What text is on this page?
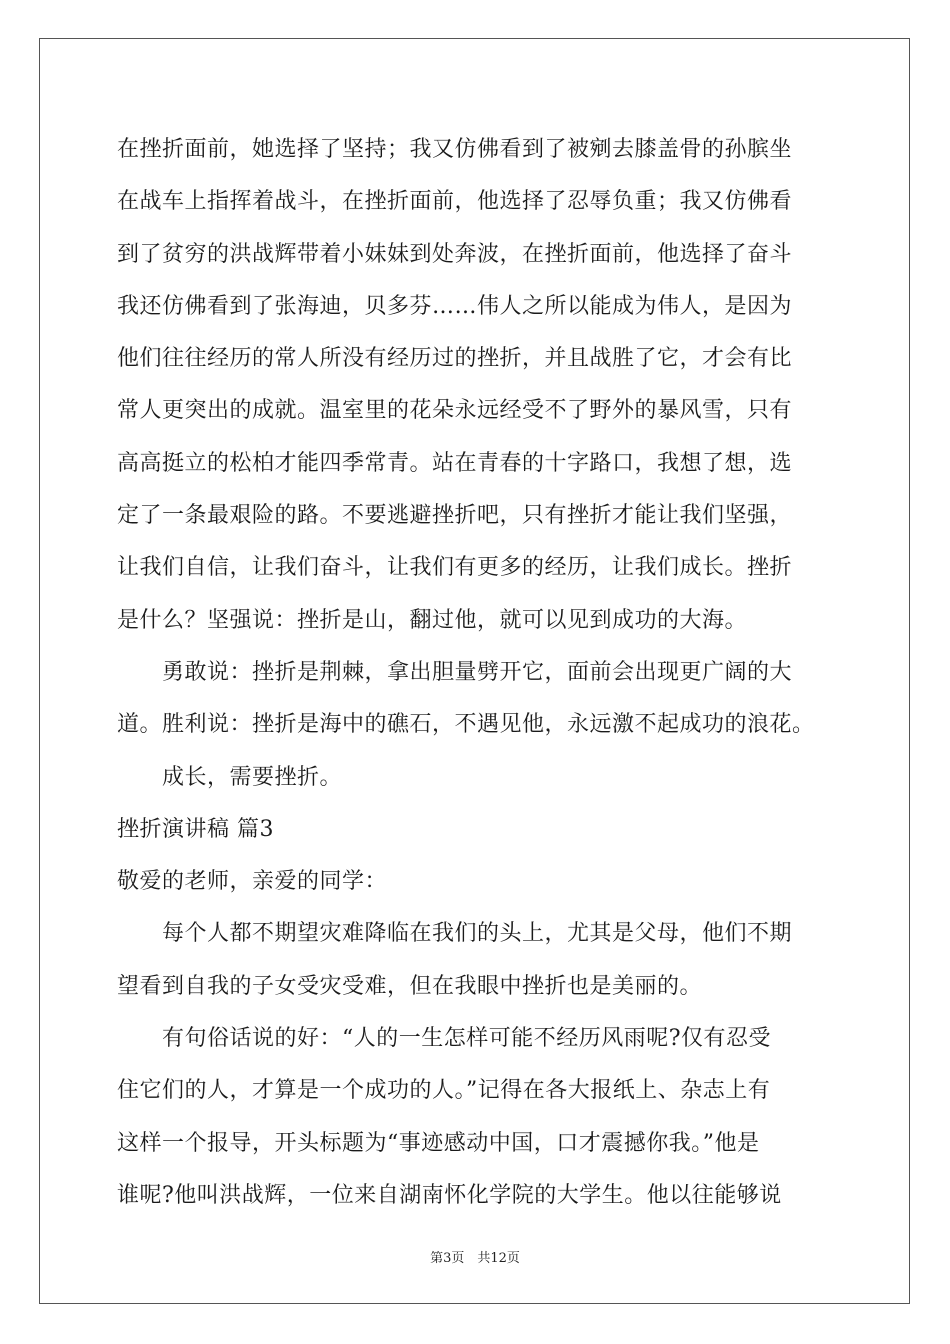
在挫折面前，她选择了坚持；我又仿佛看到了被剜去膝盖骨的孙膑坐
在战车上指挥着战斗，在挫折面前，他选择了忍辱负重；我又仿佛看
到了贫穷的洪战辉带着小妹妹到处奔波，在挫折面前，他选择了奋斗
我还仿佛看到了张海迪，贝多芬……伟人之所以能成为伟人，是因为
他们往往经历的常人所没有经历过的挫折，并且战胜了它，才会有比
常人更突出的成就。温室里的花朵永远经受不了野外的暴风雪，只有
高高挺立的松柏才能四季常青。站在青春的十字路口，我想了想，选
定了一条最艰险的路。不要逃避挫折吧，只有挫折才能让我们坚强，
让我们自信，让我们奋斗，让我们有更多的经历，让我们成长。挫折
是什么？坚强说：挫折是山，翻过他，就可以见到成功的大海。
　　勇敢说：挫折是荆棘，拿出胆量劈开它，面前会出现更广阔的大
道。胜利说：挫折是海中的礁石，不遇见他，永远激不起成功的浪花。
　　成长，需要挫折。
挫折演讲稿 篇3
敬爱的老师，亲爱的同学：
　　每个人都不期望灾难降临在我们的头上，尤其是父母，他们不期
望看到自我的子女受灾受难，但在我眼中挫折也是美丽的。
　　有句俗话说的好：“人的一生怎样可能不经历风雨呢?仅有忍受
住它们的人，才算是一个成功的人。”记得在各大报纸上、杂志上有
这样一个报导，开头标题为“事迹感动中国，口才震撼你我。”他是
谁呢?他叫洪战辉，一位来自湖南怀化学院的大学生。他以往能够说
第3页　共12页
